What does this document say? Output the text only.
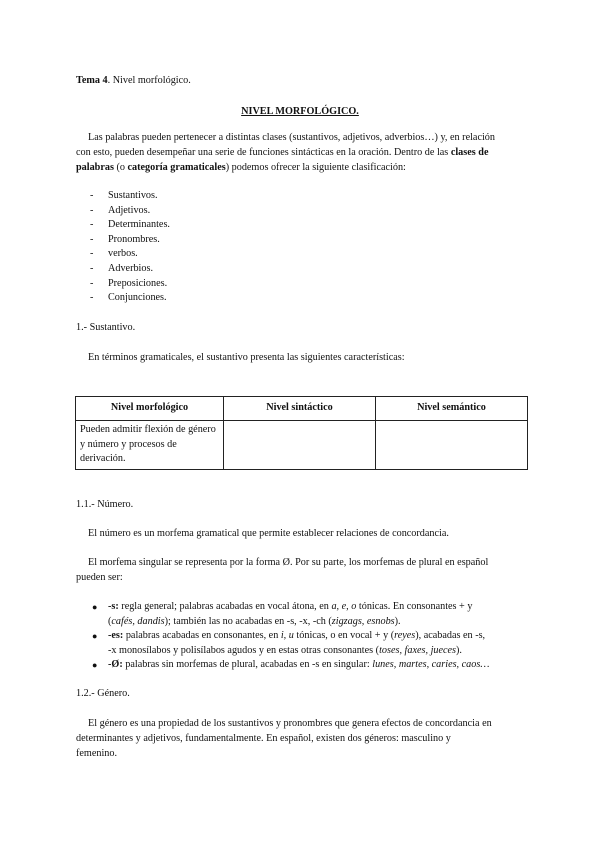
Tema 4. Nivel morfológico.
NIVEL MORFOLÓGICO.
Las palabras pueden pertenecer a distintas clases (sustantivos, adjetivos, adverbios…) y, en relación
con esto, pueden desempeñar una serie de funciones sintácticas en la oración. Dentro de las clases de
palabras (o categoría gramaticales) podemos ofrecer la siguiente clasificación:
- Sustantivos.
- Adjetivos.
- Determinantes.
- Pronombres.
- verbos.
- Adverbios.
- Preposiciones.
- Conjunciones.
1.- Sustantivo.
En términos gramaticales, el sustantivo presenta las siguientes características:
Nivel morfológico	Nivel sintáctico	Nivel semántico
Pueden admitir flexión de género y número y procesos de derivación.		
1.1.- Número.
El número es un morfema gramatical que permite establecer relaciones de concordancia.
El morfema singular se representa por la forma Ø. Por su parte, los morfemas de plural en español
pueden ser:
● -s: regla general; palabras acabadas en vocal átona, en a, e, o tónicas. En consonantes + y
(cafés, dandis); también las no acabadas en -s, -x, -ch (zigzags, esnobs).
● -es: palabras acabadas en consonantes, en i, u tónicas, o en vocal + y (reyes), acabadas en -s,
-x monosílabos y polisílabos agudos y en estas otras consonantes (toses, faxes, jueces).
● -Ø: palabras sin morfemas de plural, acabadas en -s en singular: lunes, martes, caries, caos…
1.2.- Género.
El género es una propiedad de los sustantivos y pronombres que genera efectos de concordancia en
determinantes y adjetivos, fundamentalmente. En español, existen dos géneros: masculino y
femenino.
